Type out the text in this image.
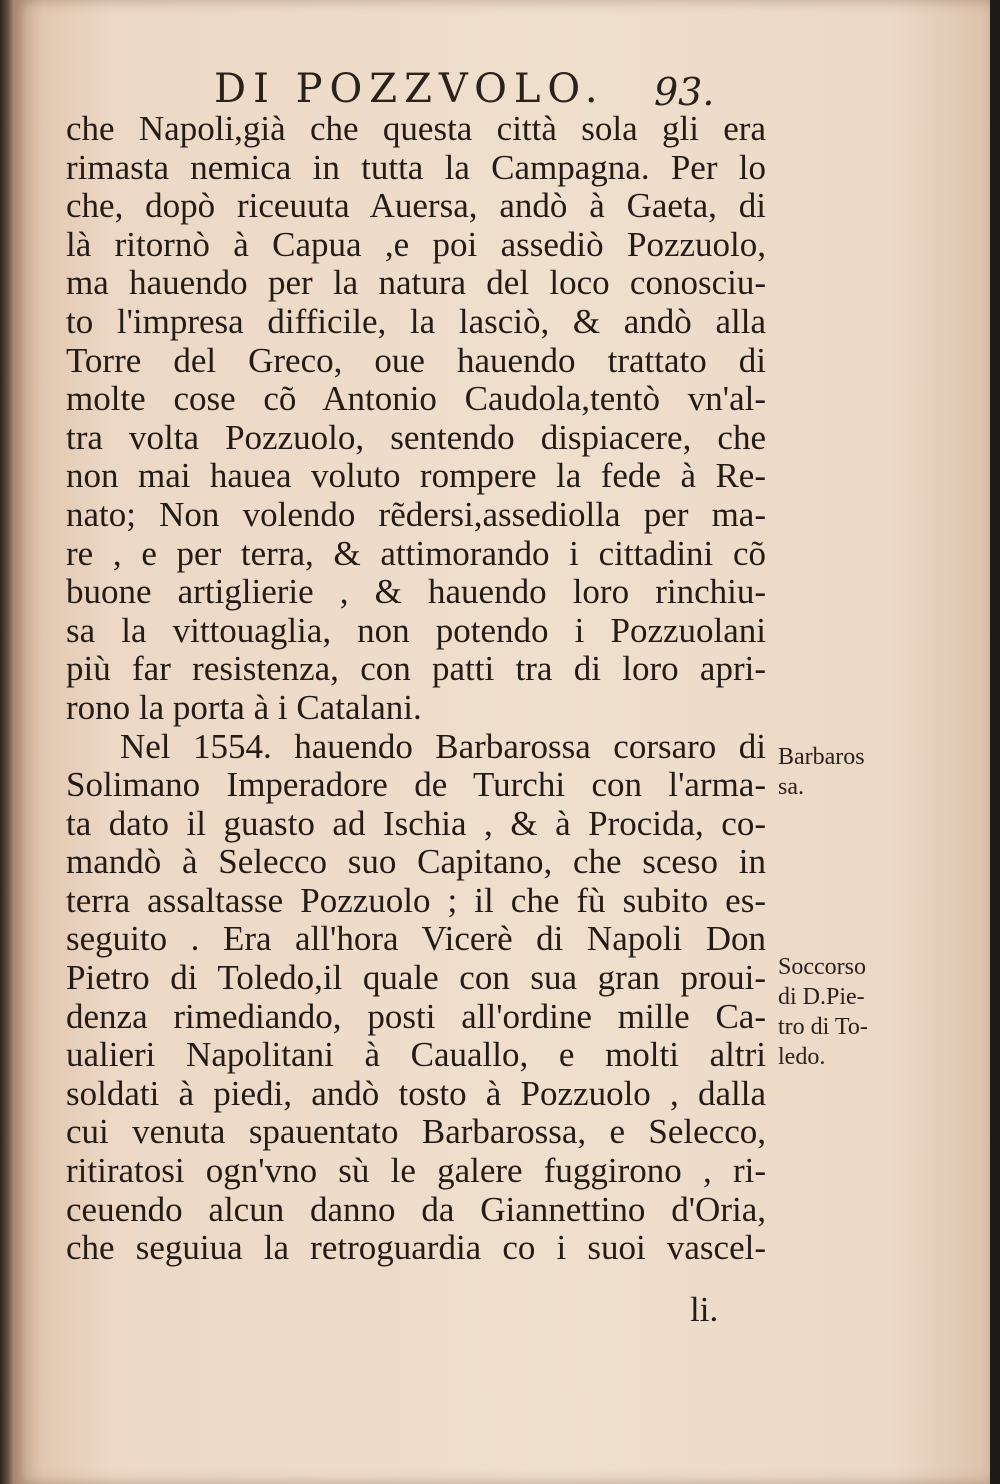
DI POZZVOLO. 93.
che Napoli,già che questa città sola gli era
rimasta nemica in tutta la Campagna. Per lo
che, dopò riceuuta Auersa, andò à Gaeta, di
là ritornò à Capua ,e poi assediò Pozzuolo,
ma hauendo per la natura del loco conosciu-
to l'impresa difficile, la lasciò, & andò alla
Torre del Greco, oue hauendo trattato di
molte cose cõ Antonio Caudola,tentò vn'al-
tra volta Pozzuolo, sentendo dispiacere, che
non mai hauea voluto rompere la fede à Re-
nato; Non volendo rẽdersi,assediolla per ma-
re , e per terra, & attimorando i cittadini cõ
buone artiglierie , & hauendo loro rinchiu-
sa la vittouaglia, non potendo i Pozzuolani
più far resistenza, con patti tra di loro apri-
rono la porta à i Catalani.
Nel 1554. hauendo Barbarossa corsaro di
Solimano Imperadore de Turchi con l'arma-
ta dato il guasto ad Ischia , & à Procida, co-
mandò à Selecco suo Capitano, che sceso in
terra assaltasse Pozzuolo ; il che fù subito es-
seguito . Era all'hora Vicerè di Napoli Don
Pietro di Toledo,il quale con sua gran proui-
denza rimediando, posti all'ordine mille Ca-
ualieri Napolitani à Cauallo, e molti altri
soldati à piedi, andò tosto à Pozzuolo , dalla
cui venuta spauentato Barbarossa, e Selecco,
ritiratosi ogn'vno sù le galere fuggirono , ri-
ceuendo alcun danno da Giannettino d'Oria,
che seguiua la retroguardia co i suoi vascel-
li.
Barbaros
sa.
Soccorso
di D.Pie-
tro di To-
ledo.
